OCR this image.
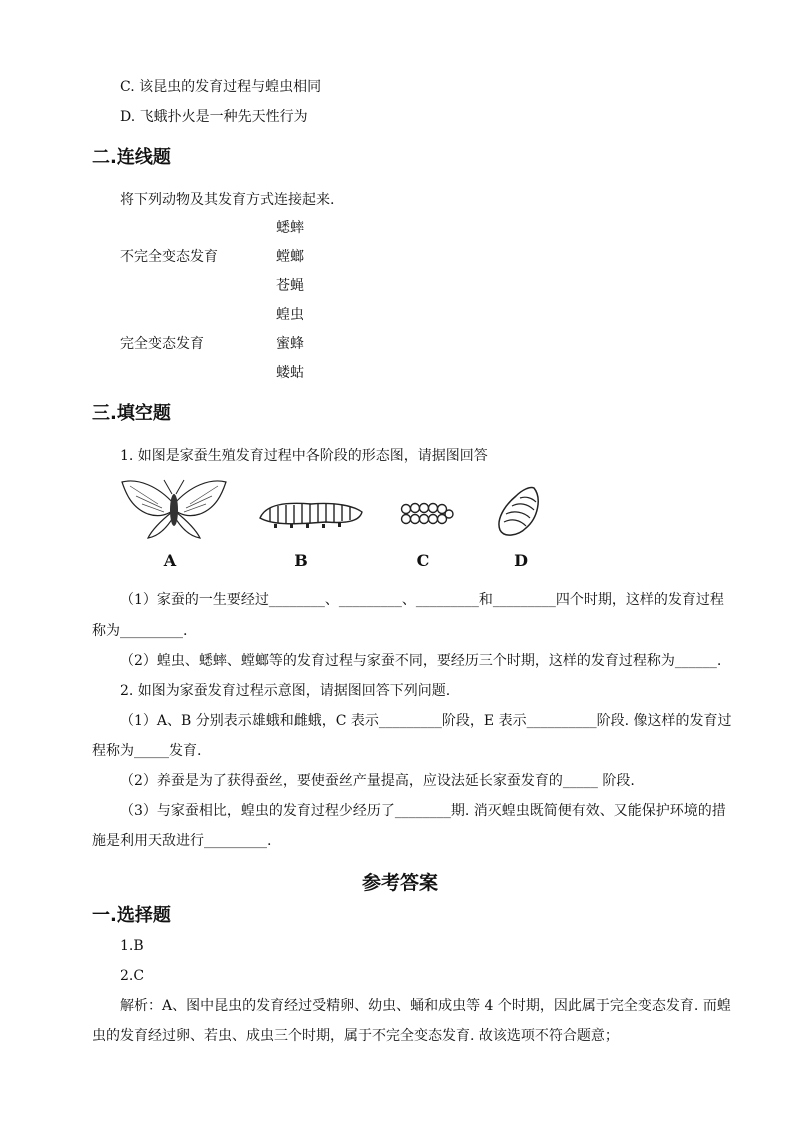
C. 该昆虫的发育过程与蝗虫相同
D. 飞蛾扑火是一种先天性行为
二.连线题
将下列动物及其发育方式连接起来.
蟋蟀
不完全变态发育	螳螂
苍蝇
蝗虫
完全变态发育	蜜蜂
蝼蛄
三.填空题
1. 如图是家蚕生殖发育过程中各阶段的形态图，请据图回答
A	B	C	D
（1）家蚕的一生要经过________、_________、_________和_________四个时期，这样的发育过程
称为_________.
（2）蝗虫、蟋蟀、螳螂等的发育过程与家蚕不同，要经历三个时期，这样的发育过程称为______.
2. 如图为家蚕发育过程示意图，请据图回答下列问题.
（1）A、B 分别表示雄蛾和雌蛾，C 表示_________阶段，E 表示__________阶段. 像这样的发育过
程称为_____发育.
（2）养蚕是为了获得蚕丝，要使蚕丝产量提高，应设法延长家蚕发育的_____ 阶段.
（3）与家蚕相比，蝗虫的发育过程少经历了________期. 消灭蝗虫既简便有效、又能保护环境的措
施是利用天敌进行_________.
参考答案
一.选择题
1.B
2.C
解析：A、图中昆虫的发育经过受精卵、幼虫、蛹和成虫等 4 个时期，因此属于完全变态发育. 而蝗
虫的发育经过卵、若虫、成虫三个时期，属于不完全变态发育. 故该选项不符合题意；
